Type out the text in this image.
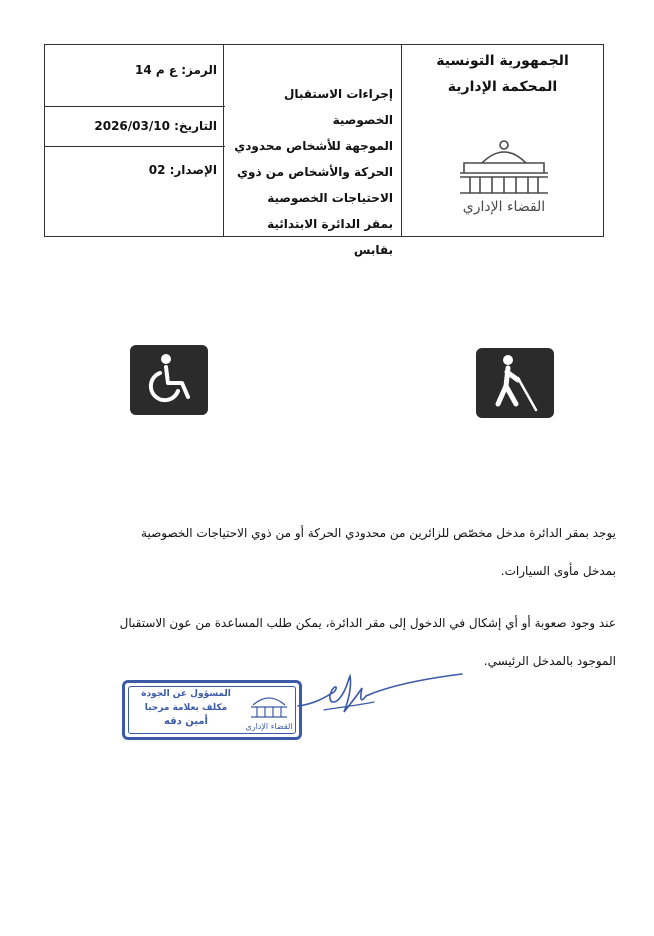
الجمهورية التونسية
المحكمة الإدارية
القضاء الإداري
إجراءات الاستقبال الخصوصية
الموجهة للأشخاص محدودي
الحركة والأشخاص من ذوي
الاحتياجات الخصوصية
بمقر الدائرة الابتدائية بقابس
الرمز: ع م 14
التاريخ: 2026/03/10
الإصدار: 02
يوجد بمقر الدائرة مدخل مخصّص للزائرين من محدودي الحركة أو من ذوي الاحتياجات الخصوصية
بمدخل مأوى السيارات.
عند وجود صعوبة أو أي إشكال في الدخول إلى مقر الدائرة، يمكن طلب المساعدة من عون الاستقبال
الموجود بالمدخل الرئيسي.
القضاء الإداري
المسؤول عن الجودة
مكلف بعلامة مرحبا
أمين دقه
